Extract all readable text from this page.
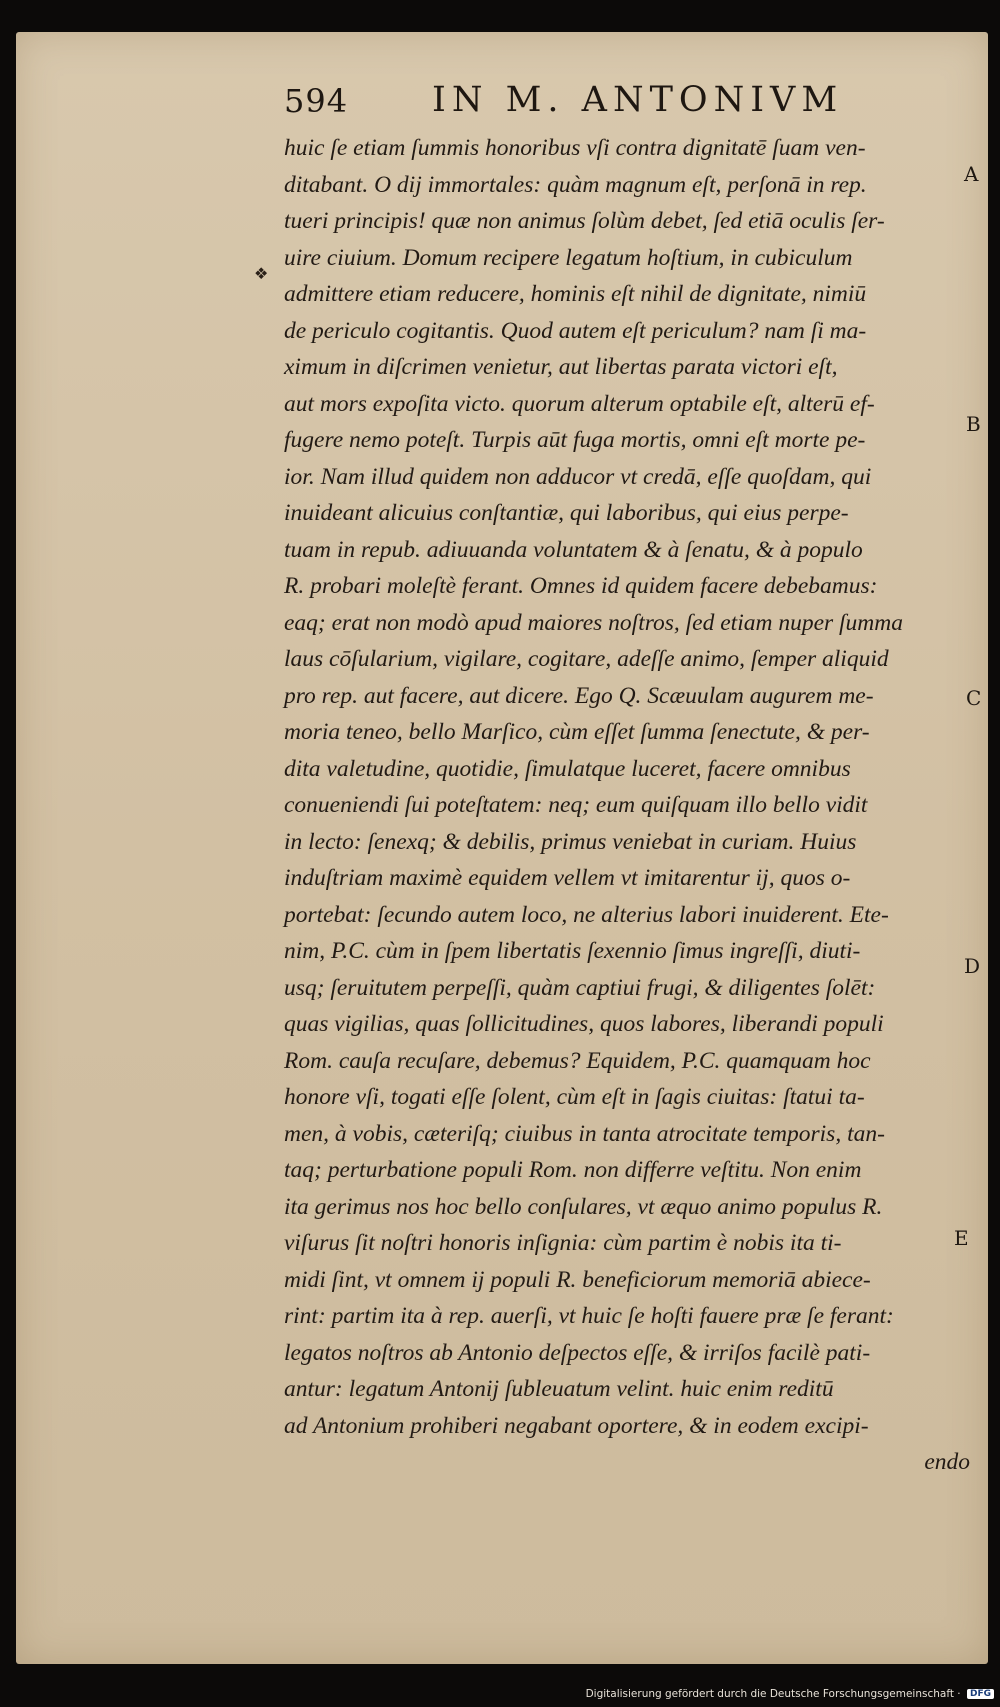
594 IN M. ANTONIVM
❖
A
B
C
D
E
huic ſe etiam ſummis honoribus vſi contra dignitatē ſuam ven-
ditabant. O dij immortales: quàm magnum eſt, perſonā in rep.
tueri principis! quæ non animus ſolùm debet, ſed etiā oculis ſer-
uire ciuium. Domum recipere legatum hoſtium, in cubiculum
admittere etiam reducere, hominis eſt nihil de dignitate, nimiū
de periculo cogitantis. Quod autem eſt periculum? nam ſi ma-
ximum in diſcrimen venietur, aut libertas parata victori eſt,
aut mors expoſita victo. quorum alterum optabile eſt, alterū ef-
fugere nemo poteſt. Turpis aūt fuga mortis, omni eſt morte pe-
ior. Nam illud quidem non adducor vt credā, eſſe quoſdam, qui
inuideant alicuius conſtantiæ, qui laboribus, qui eius perpe-
tuam in repub. adiuuanda voluntatem & à ſenatu, & à populo
R. probari moleſtè ferant. Omnes id quidem facere debebamus:
eaq; erat non modò apud maiores noſtros, ſed etiam nuper ſumma
laus cōſularium, vigilare, cogitare, adeſſe animo, ſemper aliquid
pro rep. aut facere, aut dicere. Ego Q. Scæuulam augurem me-
moria teneo, bello Marſico, cùm eſſet ſumma ſenectute, & per-
dita valetudine, quotidie, ſimulatque luceret, facere omnibus
conueniendi ſui poteſtatem: neq; eum quiſquam illo bello vidit
in lecto: ſenexq; & debilis, primus veniebat in curiam. Huius
induſtriam maximè equidem vellem vt imitarentur ij, quos o-
portebat: ſecundo autem loco, ne alterius labori inuiderent. Ete-
nim, P.C. cùm in ſpem libertatis ſexennio ſimus ingreſſi, diuti-
usq; ſeruitutem perpeſſi, quàm captiui frugi, & diligentes ſolēt:
quas vigilias, quas ſollicitudines, quos labores, liberandi populi
Rom. cauſa recuſare, debemus? Equidem, P.C. quamquam hoc
honore vſi, togati eſſe ſolent, cùm eſt in ſagis ciuitas: ſtatui ta-
men, à vobis, cæteriſq; ciuibus in tanta atrocitate temporis, tan-
taq; perturbatione populi Rom. non differre veſtitu. Non enim
ita gerimus nos hoc bello conſulares, vt æquo animo populus R.
viſurus ſit noſtri honoris inſignia: cùm partim è nobis ita ti-
midi ſint, vt omnem ij populi R. beneficiorum memoriā abiece-
rint: partim ita à rep. auerſi, vt huic ſe hoſti fauere præ ſe ferant:
legatos noſtros ab Antonio deſpectos eſſe, & irriſos facilè pati-
antur: legatum Antonij ſubleuatum velint. huic enim reditū
ad Antonium prohiberi negabant oportere, & in eodem excipi-
endo
Digitalisierung gefördert durch die Deutsche Forschungsgemeinschaft · DFG
